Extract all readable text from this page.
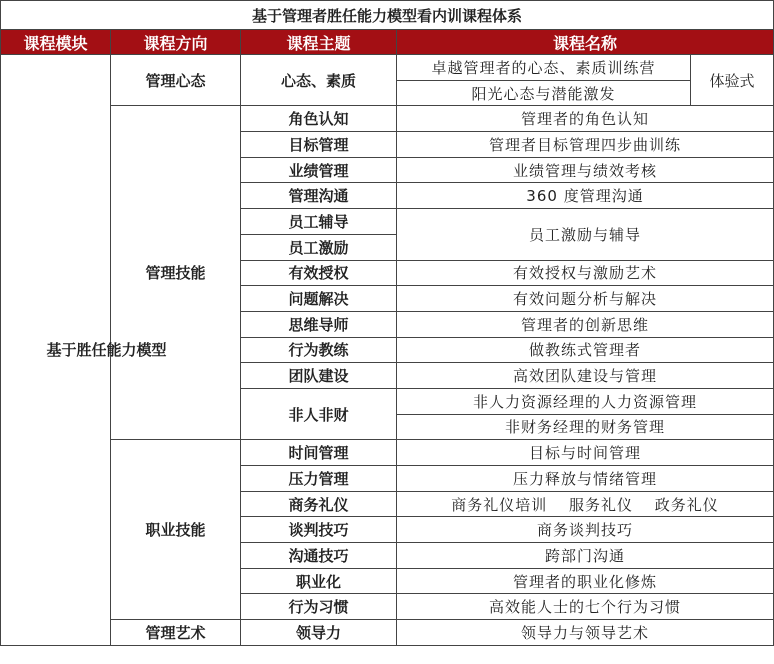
基于管理者胜任能力模型看内训课程体系				
课程模块	课程方向	课程主题	课程名称	
基于胜任能力模型	管理心态	心态、素质	卓越管理者的心态、素质训练营	体验式
			阳光心态与潜能激发	
	管理技能	角色认知	管理者的角色认知	
		目标管理	管理者目标管理四步曲训练	
		业绩管理	业绩管理与绩效考核	
		管理沟通	360 度管理沟通	
		员工辅导	员工激励与辅导	
		员工激励		
		有效授权	有效授权与激励艺术	
		问题解决	有效问题分析与解决	
		思维导师	管理者的创新思维	
		行为教练	做教练式管理者	
		团队建设	高效团队建设与管理	
		非人非财	非人力资源经理的人力资源管理	
			非财务经理的财务管理	
	职业技能	时间管理	目标与时间管理	
		压力管理	压力释放与情绪管理	
		商务礼仪	商务礼仪培训　 服务礼仪　 政务礼仪	
		谈判技巧	商务谈判技巧	
		沟通技巧	跨部门沟通	
		职业化	管理者的职业化修炼	
		行为习惯	高效能人士的七个行为习惯	
	管理艺术	领导力	领导力与领导艺术	
